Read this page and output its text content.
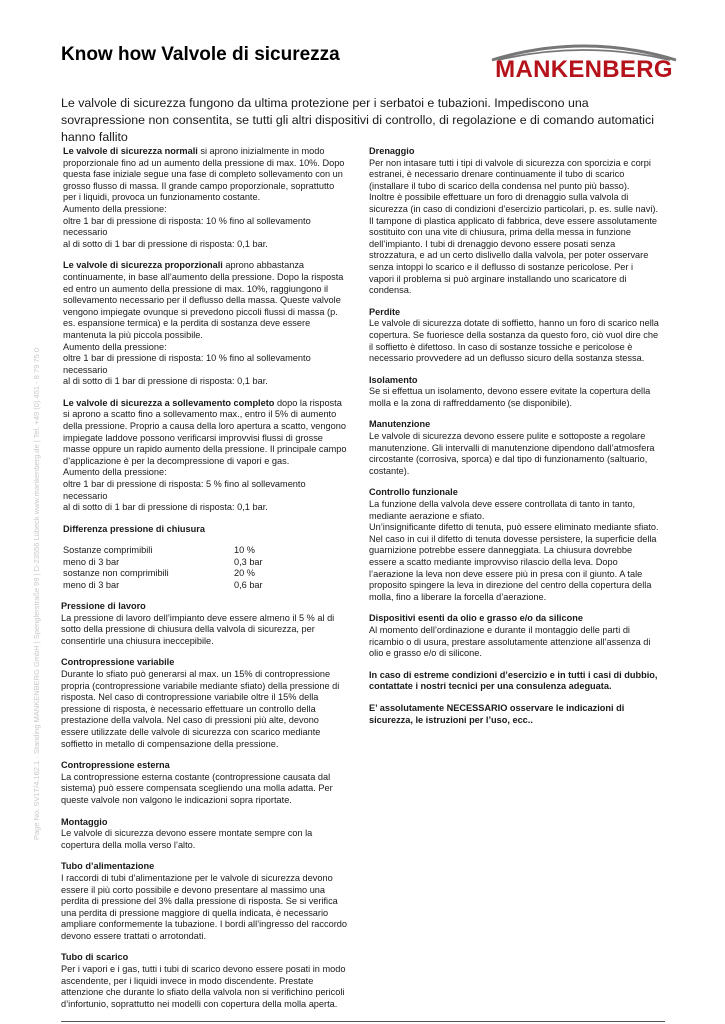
Know how Valvole di sicurezza
MANKENBERG
Le valvole di sicurezza fungono da ultima protezione per i serbatoi e tubazioni. Impediscono una sovrapressione non consentita, se tutti gli altri dispositivi di controllo, di regolazione e di comando automatici hanno fallito
Page No. SV1T/4.162.1 · Standing MANKENBERG GmbH | Spenglerstraße 99 | D-23556 Lübeck www.mankenberg.de | Tel. +49 (0) 451 - 8 79 75 0

Le valvole di sicurezza normali si aprono inizialmente in modo proporzionale fino ad un aumento della pressione di max. 10%. Dopo questa fase iniziale segue una fase di completo sollevamento con un grosso flusso di massa. Il grande campo proporzionale, soprattutto per i liquidi, provoca un funzionamento costante.

Aumento della pressione:

oltre 1 bar di pressione di risposta: 10 % fino al sollevamento necessario

al di sotto di 1 bar di pressione di risposta: 0,1 bar.

Le valvole di sicurezza proporzionali aprono abbastanza continuamente, in base all’aumento della pressione. Dopo la risposta ed entro un aumento della pressione di max. 10%, raggiungono il sollevamento necessario per il deflusso della massa. Queste valvole vengono impiegate ovunque si prevedono piccoli flussi di massa (p. es. espansione termica) e la perdita di sostanza deve essere mantenuta la più piccola possibile.

Aumento della pressione:

oltre 1 bar di pressione di risposta: 10 % fino al sollevamento necessario

al di sotto di 1 bar di pressione di risposta: 0,1 bar.

Le valvole di sicurezza a sollevamento completo dopo la risposta si aprono a scatto fino a sollevamento max., entro il 5% di aumento della pressione. Proprio a causa della loro apertura a scatto, vengono impiegate laddove possono verificarsi improvvisi flussi di grosse masse oppure un rapido aumento della pressione. Il principale campo d’applicazione è per la decompressione di vapori e gas.

Aumento della pressione:

oltre 1 bar di pressione di risposta: 5 % fino al sollevamento necessario

al di sotto di 1 bar di pressione di risposta: 0,1 bar.

Differenza pressione di chiusura
Sostanze comprimibili	10 %
meno di 3 bar	0,3 bar
sostanze non comprimibili	20 %
meno di 3 bar	0,6 bar
Pressione di lavoro

La pressione di lavoro dell’impianto deve essere almeno il 5 % al di sotto della pressione di chiusura della valvola di sicurezza, per consentirle una chiusura ineccepibile.

Contropressione variabile

Durante lo sfiato può generarsi al max. un 15% di contropressione propria (contropressione variabile mediante sfiato) della pressione di risposta. Nel caso di contropressione variabile oltre il 15% della pressione di risposta, è necessario effettuare un controllo della prestazione della valvola. Nel caso di pressioni più alte, devono essere utilizzate delle valvole di sicurezza con scarico mediante soffietto in metallo di compensazione della pressione.

Contropressione esterna

La contropressione esterna costante (contropressione causata dal sistema) può essere compensata scegliendo una molla adatta. Per queste valvole non valgono le indicazioni sopra riportate.

Montaggio

Le valvole di sicurezza devono essere montate sempre con la copertura della molla verso l’alto.

Tubo d’alimentazione

I raccordi di tubi d’alimentazione per le valvole di sicurezza devono essere il più corto possibile e devono presentare al massimo una perdita di pressione del 3% dalla pressione di risposta. Se si verifica una perdita di pressione maggiore di quella indicata, è necessario ampliare conformemente la tubazione. I bordi all’ingresso del raccordo devono essere trattati o arrotondati.

Tubo di scarico

Per i vapori e i gas, tutti i tubi di scarico devono essere posati in modo ascendente, per i liquidi invece in modo discendente. Prestate attenzione che durante lo sfiato della valvola non si verifichino pericoli d’infortunio, soprattutto nei modelli con copertura della molla aperta.

Drenaggio

Per non intasare tutti i tipi di valvole di sicurezza con sporcizia e corpi estranei, è necessario drenare continuamente il tubo di scarico (installare il tubo di scarico della condensa nel punto più basso).

Inoltre è possibile effettuare un foro di drenaggio sulla valvola di sicurezza (in caso di condizioni d’esercizio particolari, p. es. sulle navi). Il tampone di plastica applicato di fabbrica, deve essere assolutamente sostituito con una vite di chiusura, prima della messa in funzione dell’impianto. I tubi di drenaggio devono essere posati senza strozzatura, e ad un certo dislivello dalla valvola, per poter osservare senza intoppi lo scarico e il deflusso di sostanze pericolose. Per i vapori il problema si può arginare installando uno scaricatore di condensa.

Perdite

Le valvole di sicurezza dotate di soffietto, hanno un foro di scarico nella copertura. Se fuoriesce della sostanza da questo foro, ciò vuol dire che il soffietto è difettoso. In caso di sostanze tossiche e pericolose è necessario provvedere ad un deflusso sicuro della sostanza stessa.

Isolamento

Se si effettua un isolamento, devono essere evitate la copertura della molla e la zona di raffreddamento (se disponibile).

Manutenzione

Le valvole di sicurezza devono essere pulite e sottoposte a regolare manutenzione. Gli intervalli di manutenzione dipendono dall’atmosfera circostante (corrosiva, sporca) e dal tipo di funzionamento (saltuario, costante).

Controllo funzionale

La funzione della valvola deve essere controllata di tanto in tanto, mediante aerazione e sfiato.

Un’insignificante difetto di tenuta, può essere eliminato mediante sfiato. Nel caso in cui il difetto di tenuta dovesse persistere, la superficie della guarnizione potrebbe essere danneggiata. La chiusura dovrebbe essere a scatto mediante improvviso rilascio della leva. Dopo l’aerazione la leva non deve essere più in presa con il giunto. A tale proposito spingere la leva in direzione del centro della copertura della molla, fino a liberare la forcella d’aerazione.

Dispositivi esenti da olio e grasso e/o da silicone

Al momento dell’ordinazione e durante il montaggio delle parti di ricambio o di usura, prestare assolutamente attenzione all’assenza di olio e grasso e/o di silicone.

In caso di estreme condizioni d’esercizio e in tutti i casi di dubbio, contattate i nostri tecnici per una consulenza adeguata.

E’ assolutamente NECESSARIO osservare le indicazioni di sicurezza, le istruzioni per l’uso, ecc..
